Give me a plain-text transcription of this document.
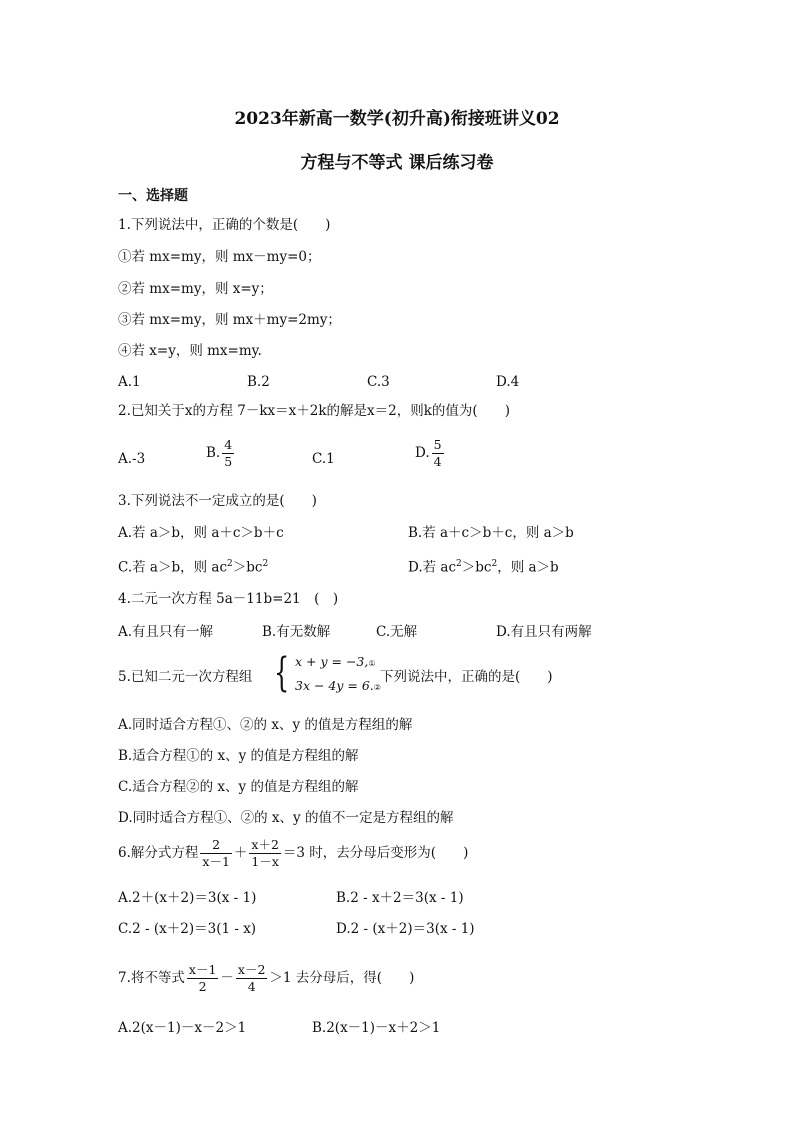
2023年新高一数学(初升高)衔接班讲义02
方程与不等式 课后练习卷
一、选择题
1.下列说法中，正确的个数是(　　)
①若 mx=my，则 mx－my=0；
②若 mx=my，则 x=y；
③若 mx=my，则 mx＋my=2my；
④若 x=y，则 mx=my.
A.1	B.2	C.3	D.4
2.已知关于x的方程 7－kx＝x＋2k的解是x＝2，则k的值为(　　)
A.-3	B. $\frac{4}{5}$	C.1	D. $\frac{5}{4}$
3.下列说法不一定成立的是(　　)
A.若 a＞b，则 a＋c＞b＋c	B.若 a＋c＞b＋c，则 a＞b
C.若 a＞b，则 $ac^2>bc^2$	D.若 $ac^2>bc^2$，则 a＞b
4.二元一次方程 5a－11b=21　(　)
A.有且只有一解	B.有无数解	C.无解	D.有且只有两解
5.已知二元一次方程组 { x + y = −3,①
3x − 4y = 6.②
下列说法中，正确的是(　　)
A.同时适合方程①、②的 x、y 的值是方程组的解
B.适合方程①的 x、y 的值是方程组的解
C.适合方程②的 x、y 的值是方程组的解
D.同时适合方程①、②的 x、y 的值不一定是方程组的解
6.解分式方程 $\frac{2}{x-1} + \frac{x+2}{1-x} =3$ 时，去分母后变形为(　　)
A.2＋(x＋2)＝3(x - 1)	B.2 - x＋2＝3(x - 1)
C.2 - (x＋2)＝3(1 - x)	D.2 - (x＋2)＝3(x - 1)
7.将不等式 $\frac{x-1}{2} - \frac{x-2}{4} >1$ 去分母后，得(　　)
A.2(x－1)－x－2＞1	B.2(x－1)－x＋2＞1
